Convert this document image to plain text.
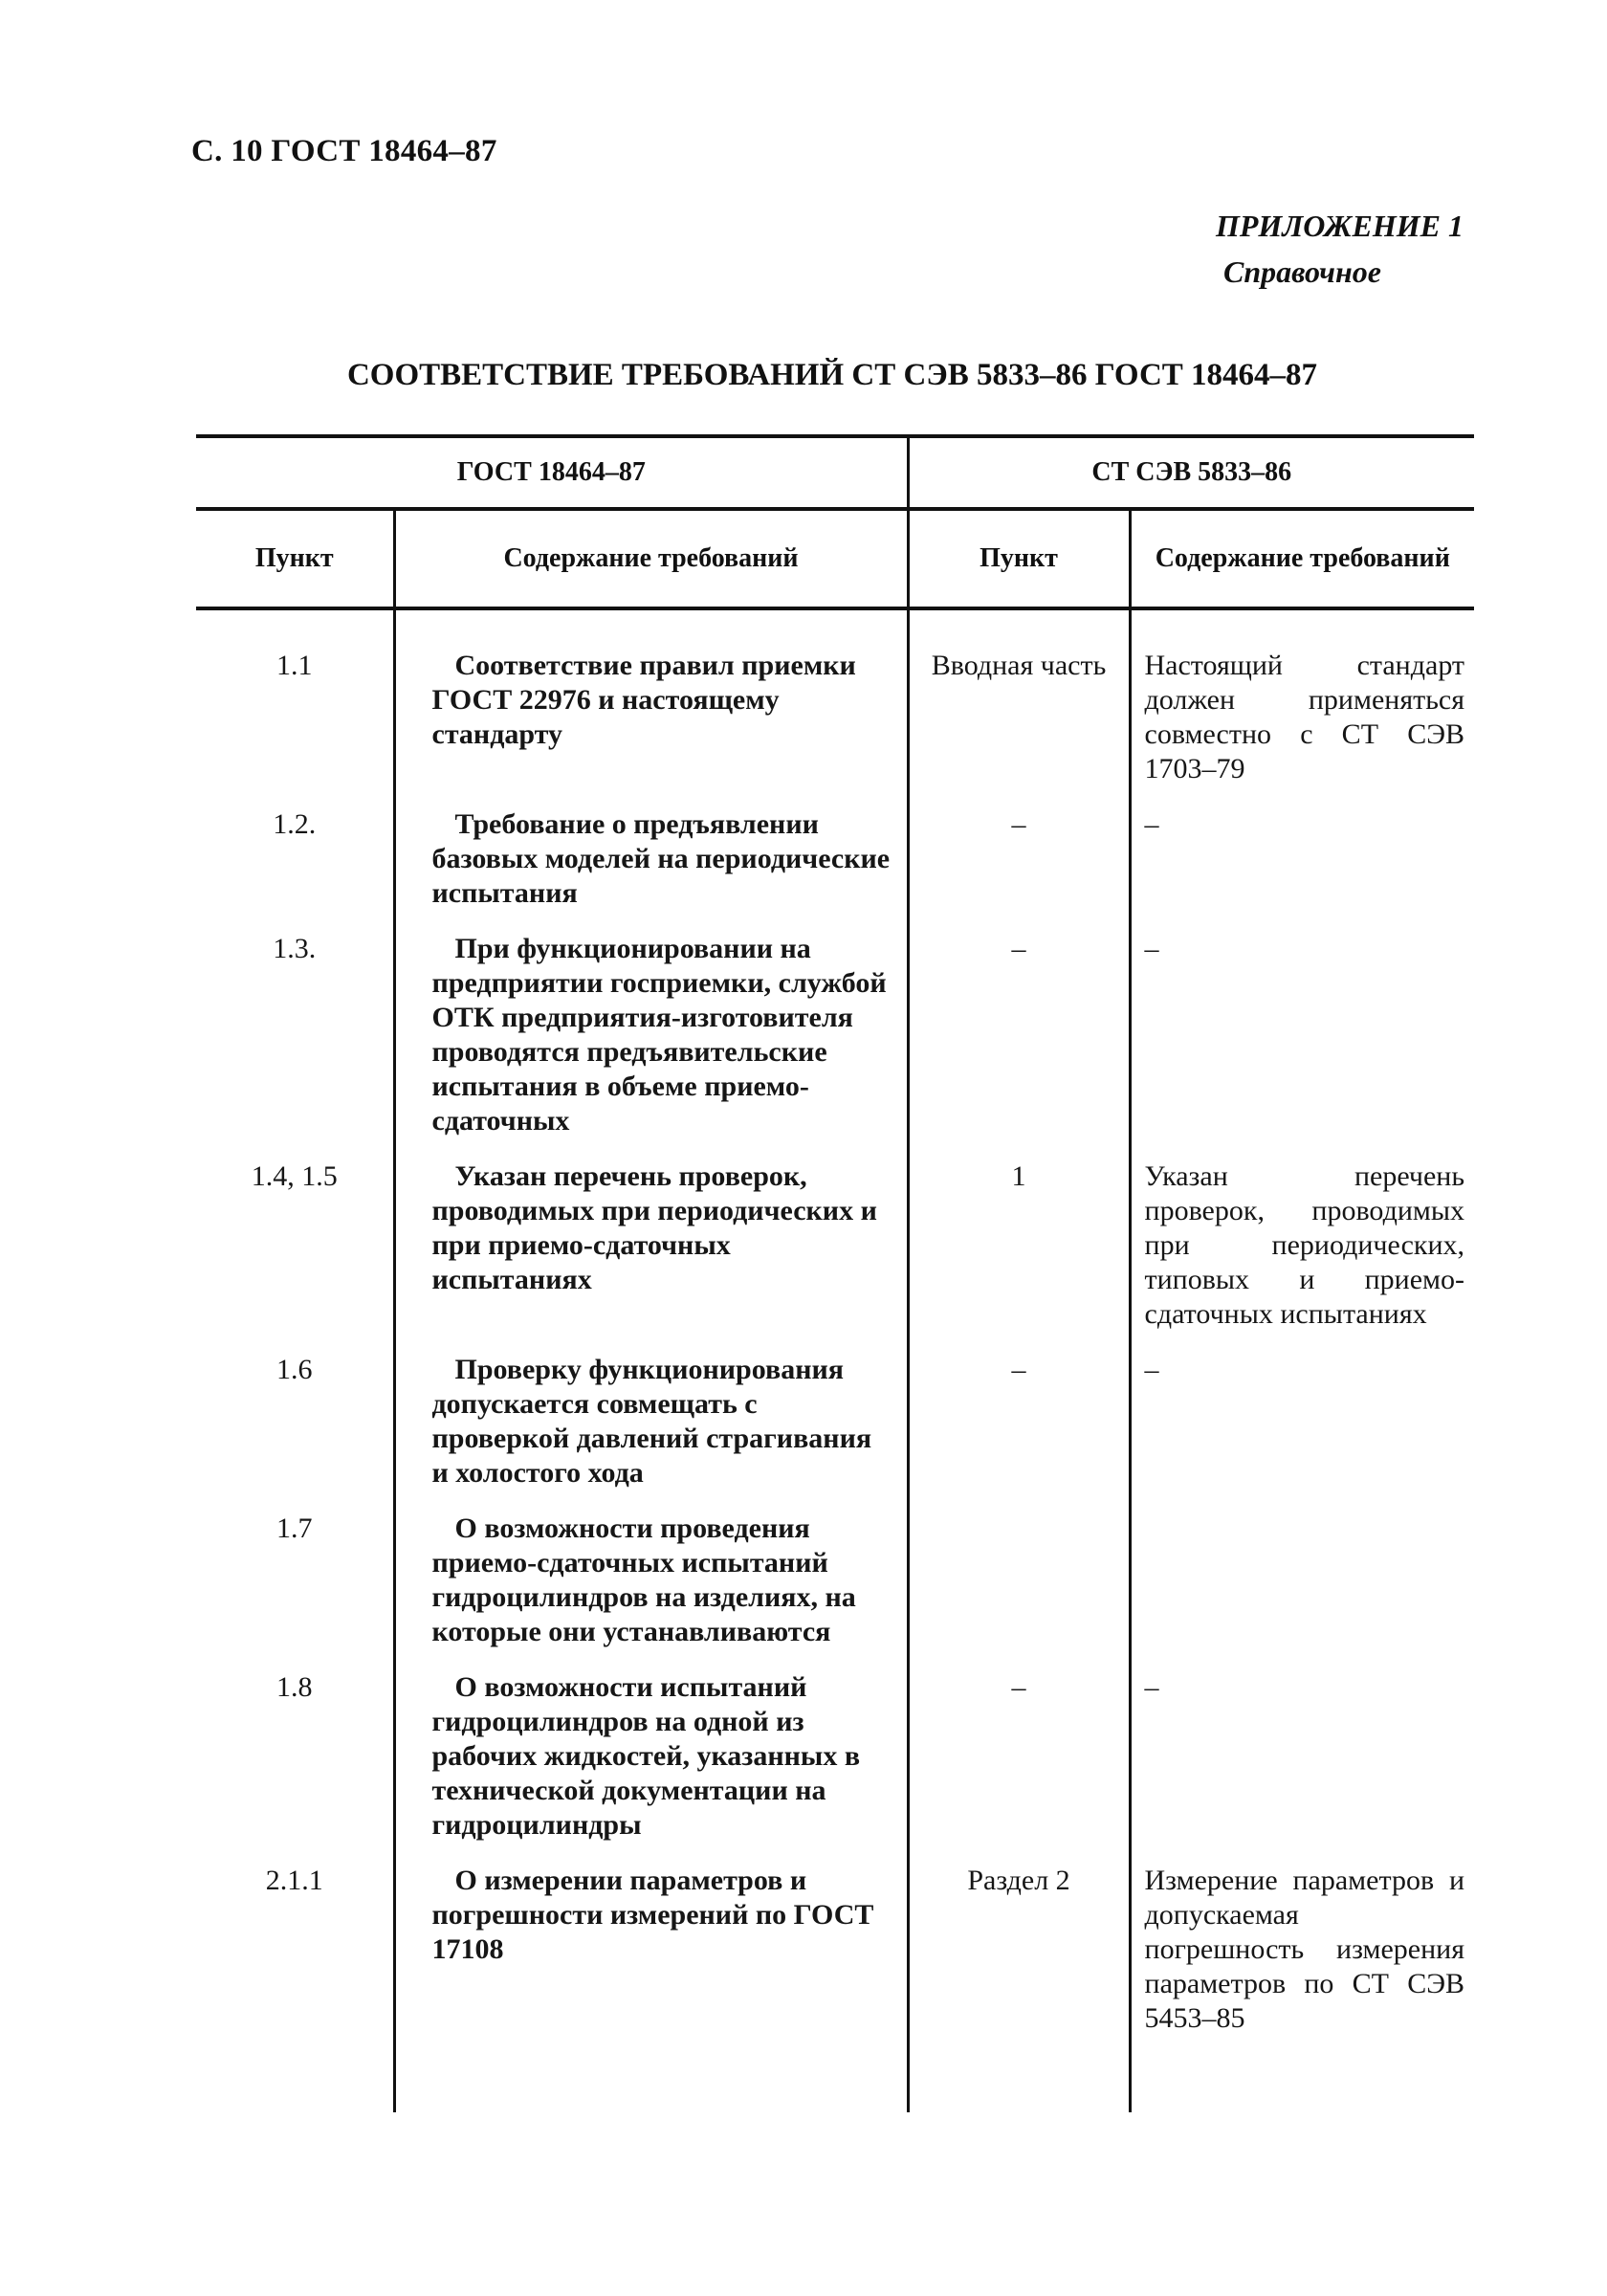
С. 10 ГОСТ 18464–87
ПРИЛОЖЕНИЕ 1
Справочное
СООТВЕТСТВИЕ ТРЕБОВАНИЙ СТ СЭВ 5833–86 ГОСТ 18464–87
ГОСТ 18464–87		СТ СЭВ 5833–86	
Пункт	Содержание требований	Пункт	Содержание требований
1.1	Соответствие правил приемки ГОСТ 22976 и настоящему стандарту	Вводная часть	Настоящий стандарт должен применяться совместно с СТ СЭВ 1703–79
1.2.	Требование о предъявлении базовых моделей на периодические испытания	–	–
1.3.	При функционировании на предприятии госприемки, службой ОТК предприятия-изготовителя проводятся предъявительские испытания в объеме приемо-сдаточных	–	–
1.4, 1.5	Указан перечень проверок, проводимых при периодических и при приемо-сдаточных испытаниях	1	Указан перечень проверок, проводимых при периодических, типовых и приемо-сдаточных испытаниях
1.6	Проверку функционирования допускается совмещать с проверкой давлений страгивания и холостого хода	–	–
1.7	О возможности проведения приемо-сдаточных испытаний гидроцилиндров на изделиях, на которые они устанавливаются		
1.8	О возможности испытаний гидроцилиндров на одной из рабочих жидкостей, указанных в технической документации на гидроцилиндры	–	–
2.1.1	О измерении параметров и погрешности измерений по ГОСТ 17108	Раздел 2	Измерение параметров и допускаемая погрешность измерения параметров по СТ СЭВ 5453–85
